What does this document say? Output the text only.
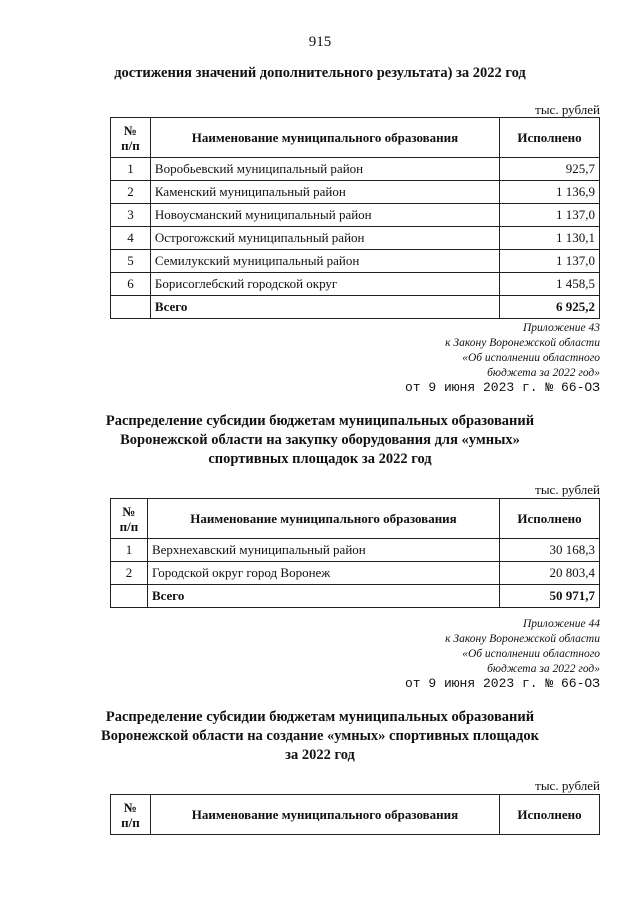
915
достижения значений дополнительного результата) за 2022 год
тыс. рублей
№
п/п	Наименование муниципального образования	Исполнено
1	Воробьевский муниципальный район	925,7
2	Каменский муниципальный район	1 136,9
3	Новоусманский муниципальный район	1 137,0
4	Острогожский муниципальный район	1 130,1
5	Семилукский муниципальный район	1 137,0
6	Борисоглебский городской округ	1 458,5
	Всего	6 925,2
Приложение 43
к Закону Воронежской области
«Об исполнении областного
бюджета за 2022 год»
от 9 июня 2023 г. № 66-ОЗ
Распределение субсидии бюджетам муниципальных образований
Воронежской области на закупку оборудования для «умных»
спортивных площадок за 2022 год
тыс. рублей
№
п/п	Наименование муниципального образования	Исполнено
1	Верхнехавский муниципальный район	30 168,3
2	Городской округ город Воронеж	20 803,4
	Всего	50 971,7
Приложение 44
к Закону Воронежской области
«Об исполнении областного
бюджета за 2022 год»
от 9 июня 2023 г. № 66-ОЗ
Распределение субсидии бюджетам муниципальных образований
Воронежской области на создание «умных» спортивных площадок
за 2022 год
тыс. рублей
№
п/п	Наименование муниципального образования	Исполнено
